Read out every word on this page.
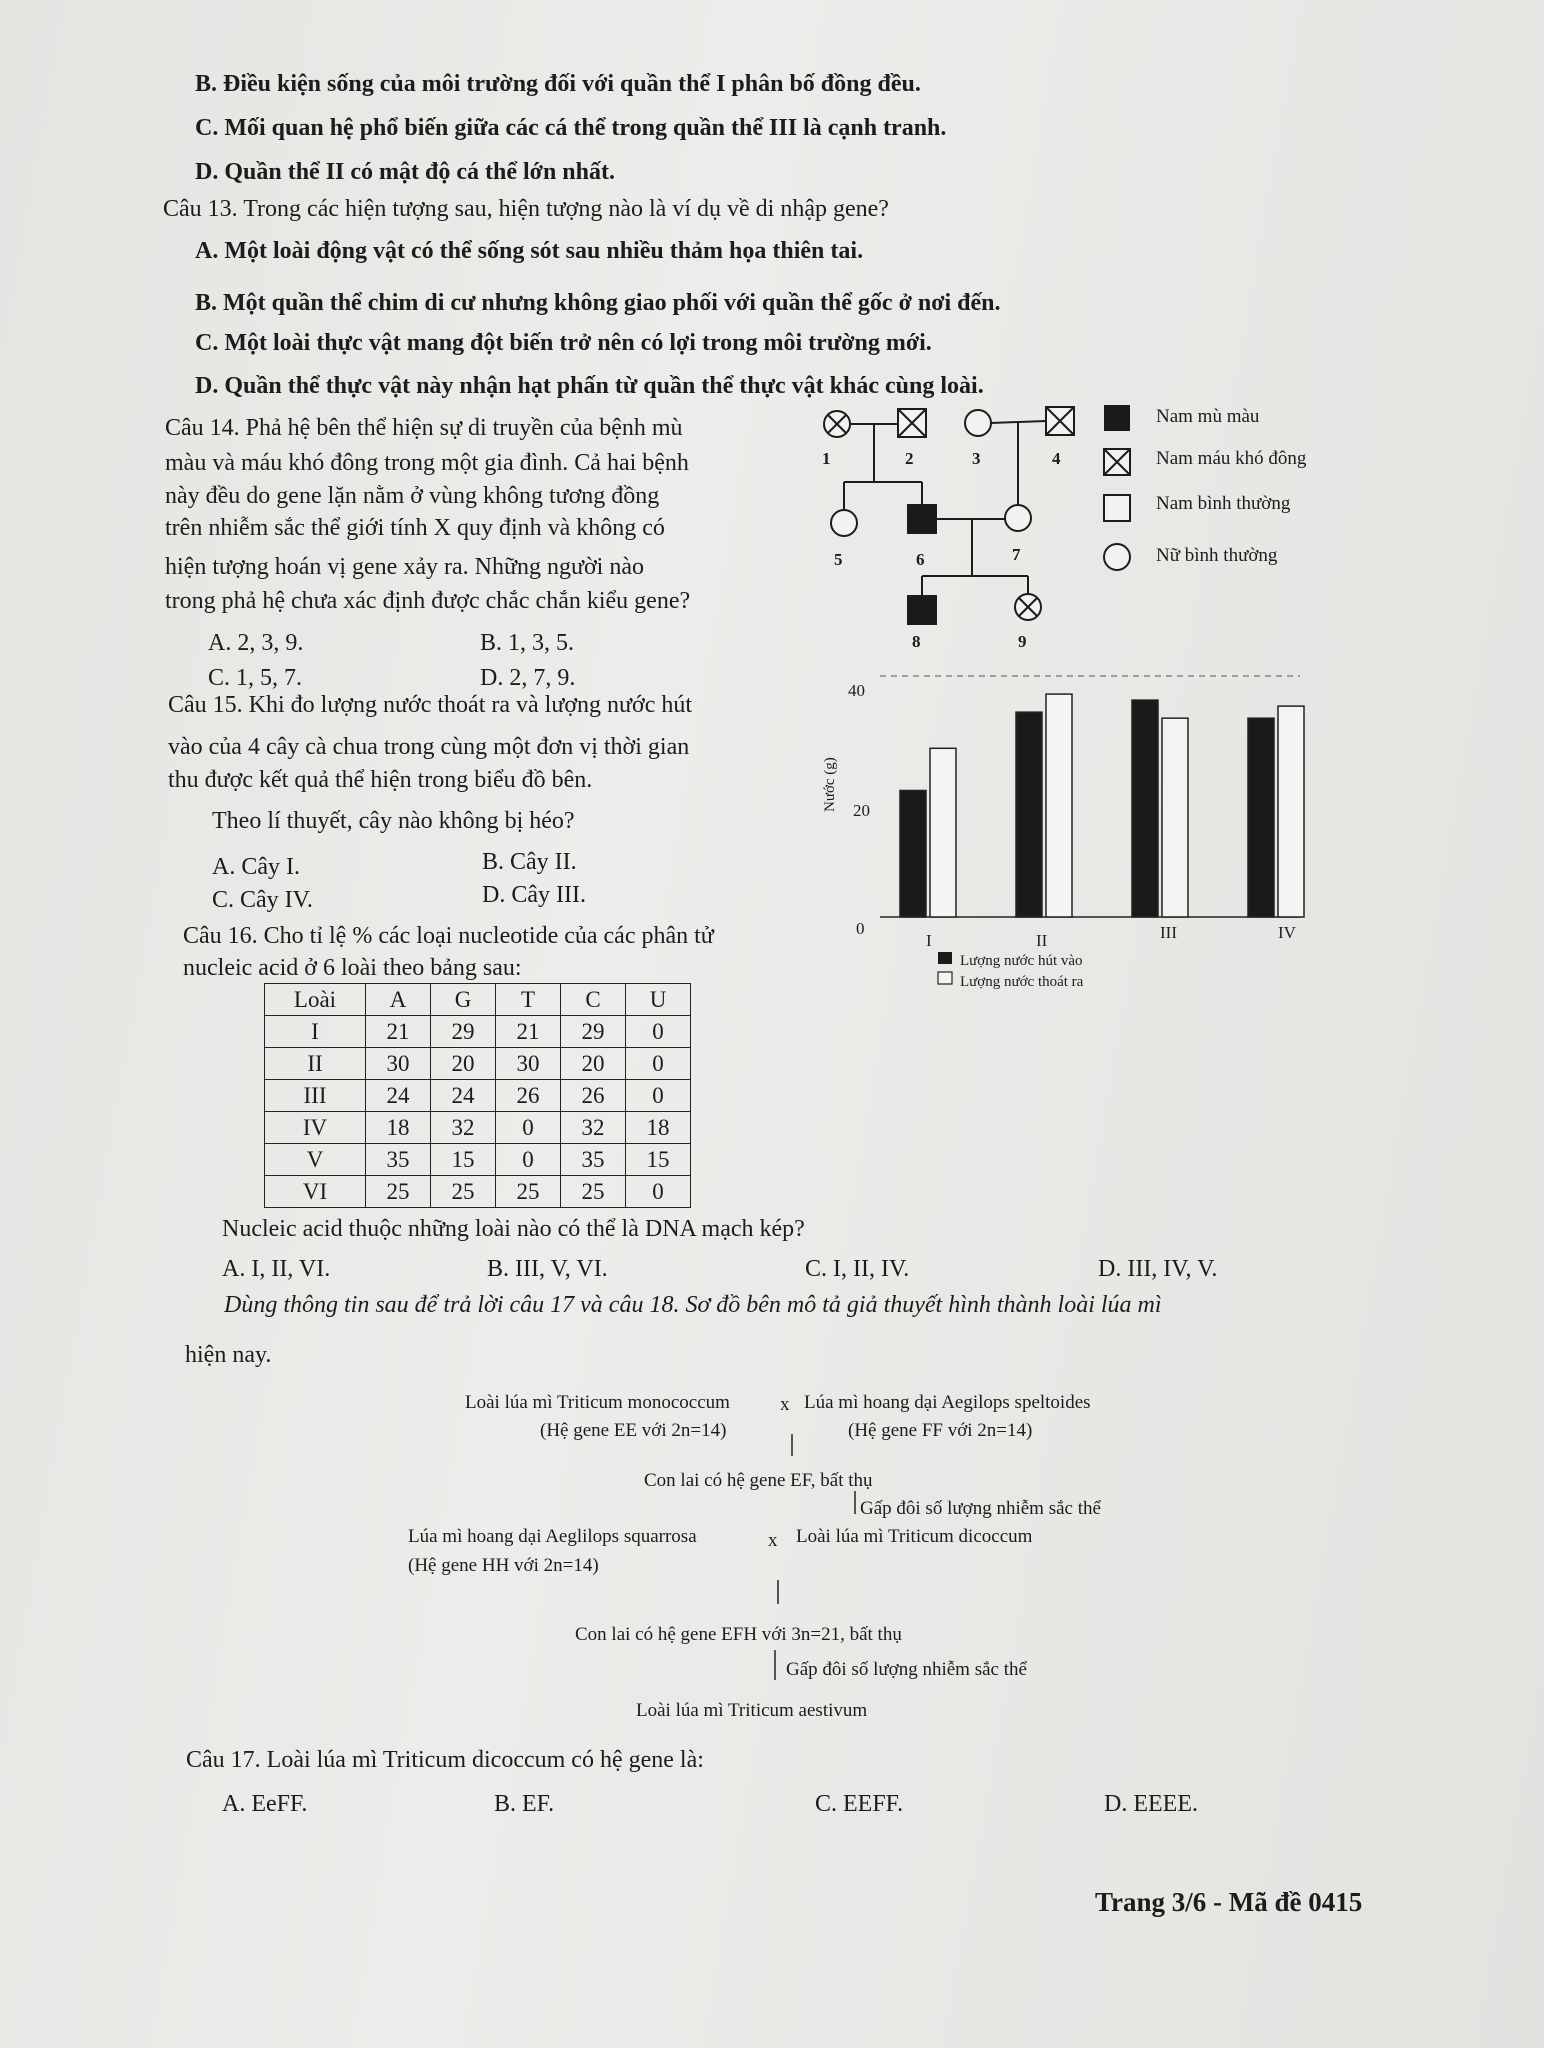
B. Điều kiện sống của môi trường đối với quần thể I phân bố đồng đều.
C. Mối quan hệ phổ biến giữa các cá thể trong quần thể III là cạnh tranh.
D. Quần thể II có mật độ cá thể lớn nhất.
Câu 13. Trong các hiện tượng sau, hiện tượng nào là ví dụ về di nhập gene?
A. Một loài động vật có thể sống sót sau nhiều thảm họa thiên tai.
B. Một quần thể chim di cư nhưng không giao phối với quần thể gốc ở nơi đến.
C. Một loài thực vật mang đột biến trở nên có lợi trong môi trường mới.
D. Quần thể thực vật này nhận hạt phấn từ quần thể thực vật khác cùng loài.
Câu 14. Phả hệ bên thể hiện sự di truyền của bệnh mù
màu và máu khó đông trong một gia đình. Cả hai bệnh
này đều do gene lặn nằm ở vùng không tương đồng
trên nhiễm sắc thể giới tính X quy định và không có
hiện tượng hoán vị gene xảy ra. Những người nào
trong phả hệ chưa xác định được chắc chắn kiểu gene?
A. 2, 3, 9.	B. 1, 3, 5.
C. 1, 5, 7.	D. 2, 7, 9.
Nam mù màu
Nam máu khó đông
Nam bình thường
Nữ bình thường
1	2	3	4
5	6	7
8	9
Câu 15. Khi đo lượng nước thoát ra và lượng nước hút
vào của 4 cây cà chua trong cùng một đơn vị thời gian
thu được kết quả thể hiện trong biểu đồ bên.
Theo lí thuyết, cây nào không bị héo?
A. Cây I.	B. Cây II.
C. Cây IV.	D. Cây III.
40
20
0
Nước (g)
I	II	III	IV
Lượng nước hút vào
Lượng nước thoát ra
Câu 16. Cho tỉ lệ % các loại nucleotide của các phân tử
nucleic acid ở 6 loài theo bảng sau:
Loài	A	G	T	C	U
I	21	29	21	29	0
II	30	20	30	20	0
III	24	24	26	26	0
IV	18	32	0	32	18
V	35	15	0	35	15
VI	25	25	25	25	0
Nucleic acid thuộc những loài nào có thể là DNA mạch kép?
A. I, II, VI.	B. III, V, VI.	C. I, II, IV.	D. III, IV, V.
Dùng thông tin sau để trả lời câu 17 và câu 18. Sơ đồ bên mô tả giả thuyết hình thành loài lúa mì
hiện nay.
Loài lúa mì Triticum monococcum	x Lúa mì hoang dại Aegilops speltoides
(Hệ gene EE với 2n=14)	(Hệ gene FF với 2n=14)
Con lai có hệ gene EF, bất thụ
Gấp đôi số lượng nhiễm sắc thể
Lúa mì hoang dại Aeglilops squarrosa	x Loài lúa mì Triticum dicoccum
(Hệ gene HH với 2n=14)
Con lai có hệ gene EFH với 3n=21, bất thụ
Gấp đôi số lượng nhiễm sắc thể
Loài lúa mì Triticum aestivum
Câu 17. Loài lúa mì Triticum dicoccum có hệ gene là:
A. EeFF.	B. EF.	C. EEFF.	D. EEEE.
Trang 3/6 - Mã đề 0415
